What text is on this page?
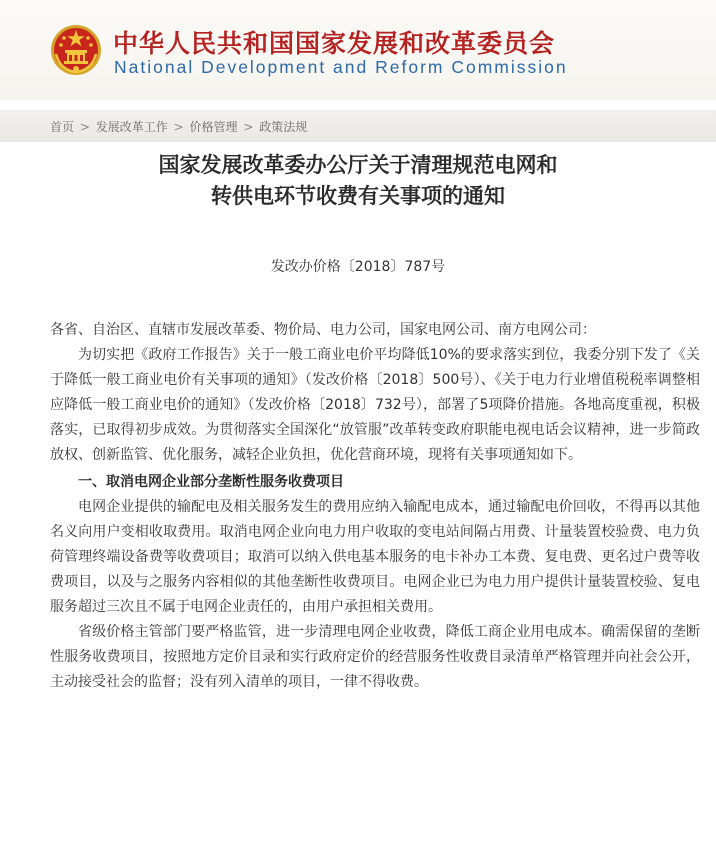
中华人民共和国国家发展和改革委员会
National Development and Reform Commission
首页 > 发展改革工作 > 价格管理 > 政策法规
国家发展改革委办公厅关于清理规范电网和
转供电环节收费有关事项的通知
发改办价格〔2018〕787号

各省、自治区、直辖市发展改革委、物价局、电力公司，国家电网公司、南方电网公司：

为切实把《政府工作报告》关于一般工商业电价平均降低10%的要求落实到位，我委分别下发了《关于降低一般工商业电价有关事项的通知》（发改价格〔2018〕500号）、《关于电力行业增值税税率调整相应降低一般工商业电价的通知》（发改价格〔2018〕732号），部署了5项降价措施。各地高度重视，积极落实，已取得初步成效。为贯彻落实全国深化“放管服”改革转变政府职能电视电话会议精神，进一步简政放权、创新监管、优化服务，减轻企业负担，优化营商环境，现将有关事项通知如下。

一、取消电网企业部分垄断性服务收费项目

电网企业提供的输配电及相关服务发生的费用应纳入输配电成本，通过输配电价回收，不得再以其他名义向用户变相收取费用。取消电网企业向电力用户收取的变电站间隔占用费、计量装置校验费、电力负荷管理终端设备费等收费项目；取消可以纳入供电基本服务的电卡补办工本费、复电费、更名过户费等收费项目，以及与之服务内容相似的其他垄断性收费项目。电网企业已为电力用户提供计量装置校验、复电服务超过三次且不属于电网企业责任的，由用户承担相关费用。

省级价格主管部门要严格监管，进一步清理电网企业收费，降低工商企业用电成本。确需保留的垄断性服务收费项目，按照地方定价目录和实行政府定价的经营服务性收费目录清单严格管理并向社会公开，主动接受社会的监督；没有列入清单的项目，一律不得收费。
